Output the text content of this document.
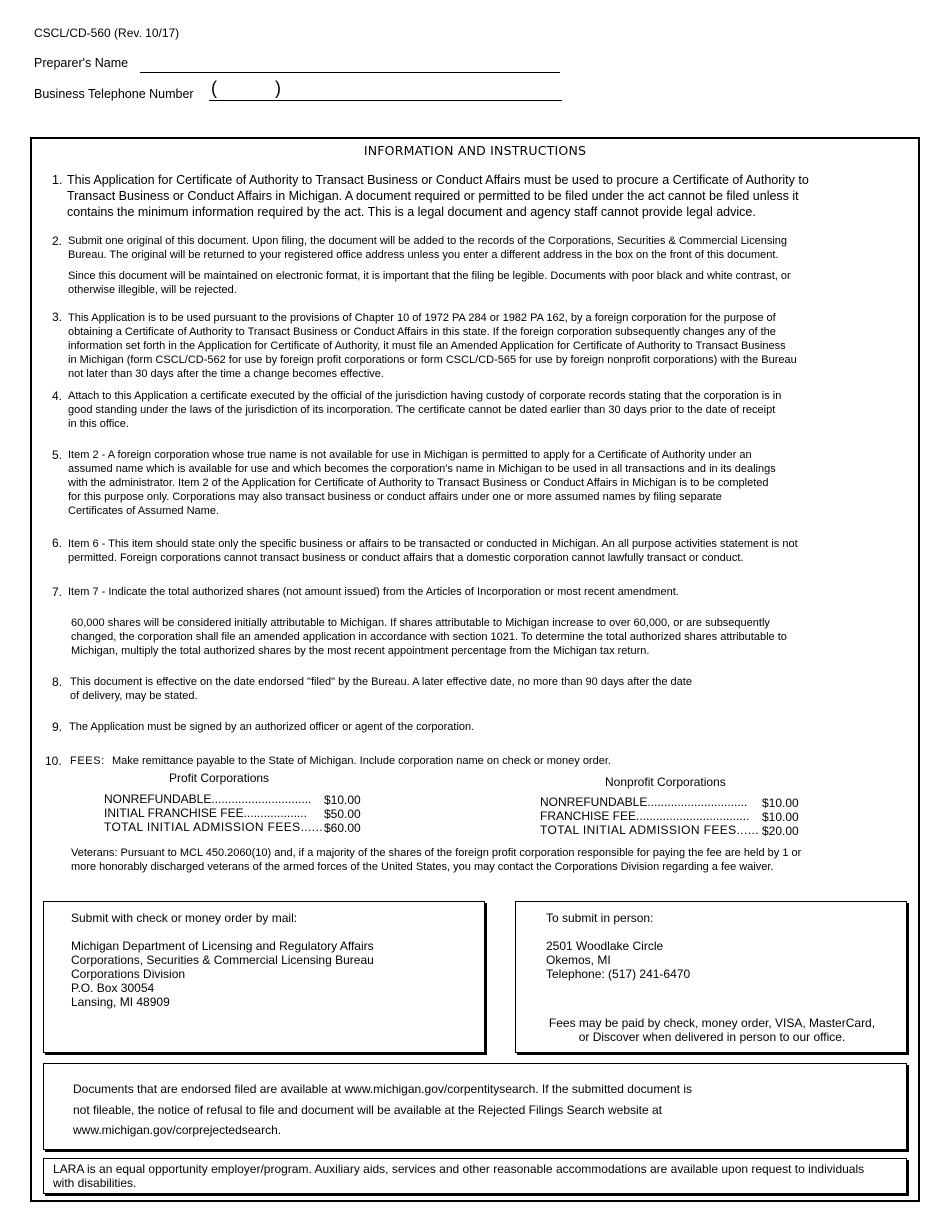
CSCL/CD-560 (Rev. 10/17)
Preparer's Name
Business Telephone Number (	)
INFORMATION AND INSTRUCTIONS
1. This Application for Certificate of Authority to Transact Business or Conduct Affairs must be used to procure a Certificate of Authority to
Transact Business or Conduct Affairs in Michigan. A document required or permitted to be filed under the act cannot be filed unless it
contains the minimum information required by the act. This is a legal document and agency staff cannot provide legal advice.
2. Submit one original of this document. Upon filing, the document will be added to the records of the Corporations, Securities & Commercial Licensing
Bureau. The original will be returned to your registered office address unless you enter a different address in the box on the front of this document.
Since this document will be maintained on electronic format, it is important that the filing be legible. Documents with poor black and white contrast, or
otherwise illegible, will be rejected.
3. This Application is to be used pursuant to the provisions of Chapter 10 of 1972 PA 284 or 1982 PA 162, by a foreign corporation for the purpose of
obtaining a Certificate of Authority to Transact Business or Conduct Affairs in this state. If the foreign corporation subsequently changes any of the
information set forth in the Application for Certificate of Authority, it must file an Amended Application for Certificate of Authority to Transact Business
in Michigan (form CSCL/CD-562 for use by foreign profit corporations or form CSCL/CD-565 for use by foreign nonprofit corporations) with the Bureau
not later than 30 days after the time a change becomes effective.
4. Attach to this Application a certificate executed by the official of the jurisdiction having custody of corporate records stating that the corporation is in
good standing under the laws of the jurisdiction of its incorporation. The certificate cannot be dated earlier than 30 days prior to the date of receipt
in this office.
5. Item 2 - A foreign corporation whose true name is not available for use in Michigan is permitted to apply for a Certificate of Authority under an
assumed name which is available for use and which becomes the corporation's name in Michigan to be used in all transactions and in its dealings
with the administrator. Item 2 of the Application for Certificate of Authority to Transact Business or Conduct Affairs in Michigan is to be completed
for this purpose only. Corporations may also transact business or conduct affairs under one or more assumed names by filing separate
Certificates of Assumed Name.
6. Item 6 - This item should state only the specific business or affairs to be transacted or conducted in Michigan. An all purpose activities statement is not
permitted. Foreign corporations cannot transact business or conduct affairs that a domestic corporation cannot lawfully transact or conduct.
7. Item 7 - Indicate the total authorized shares (not amount issued) from the Articles of Incorporation or most recent amendment.
60,000 shares will be considered initially attributable to Michigan. If shares attributable to Michigan increase to over 60,000, or are subsequently
changed, the corporation shall file an amended application in accordance with section 1021. To determine the total authorized shares attributable to
Michigan, multiply the total authorized shares by the most recent appointment percentage from the Michigan tax return.
8. This document is effective on the date endorsed "filed" by the Bureau. A later effective date, no more than 90 days after the date
of delivery, may be stated.
9. The Application must be signed by an authorized officer or agent of the corporation.
10. FEES: Make remittance payable to the State of Michigan. Include corporation name on check or money order.
Profit Corporations
NONREFUNDABLE.............................. $10.00
INITIAL FRANCHISE FEE................... $50.00
TOTAL INITIAL ADMISSION FEES...... $60.00
Nonprofit Corporations
NONREFUNDABLE.............................. $10.00
FRANCHISE FEE.................................. $10.00
TOTAL INITIAL ADMISSION FEES...... $20.00
Veterans: Pursuant to MCL 450.2060(10) and, if a majority of the shares of the foreign profit corporation responsible for paying the fee are held by 1 or
more honorably discharged veterans of the armed forces of the United States, you may contact the Corporations Division regarding a fee waiver.
Submit with check or money order by mail:
Michigan Department of Licensing and Regulatory Affairs
Corporations, Securities & Commercial Licensing Bureau
Corporations Division
P.O. Box 30054
Lansing, MI 48909
To submit in person:
2501 Woodlake Circle
Okemos, MI
Telephone: (517) 241-6470
Fees may be paid by check, money order, VISA, MasterCard,
or Discover when delivered in person to our office.
Documents that are endorsed filed are available at www.michigan.gov/corpentitysearch. If the submitted document is
not fileable, the notice of refusal to file and document will be available at the Rejected Filings Search website at
www.michigan.gov/corprejectedsearch.
LARA is an equal opportunity employer/program. Auxiliary aids, services and other reasonable accommodations are available upon request to individuals
with disabilities.
